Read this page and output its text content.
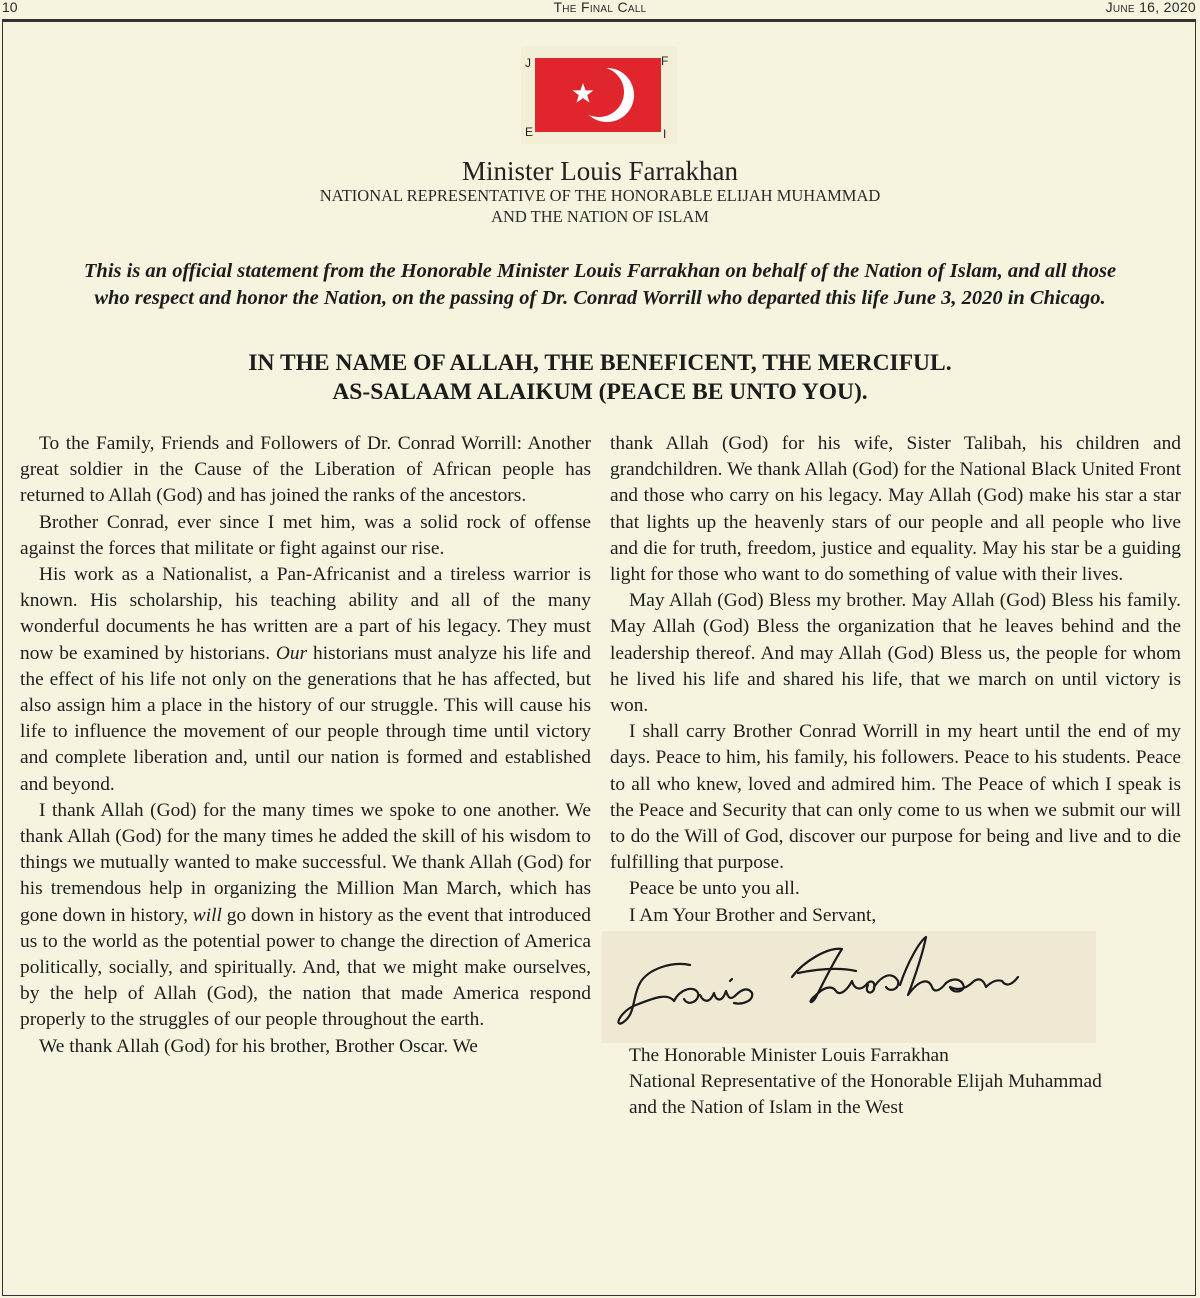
10	The Final Call	June 16, 2020
J	F
E	I
Minister Louis Farrakhan
NATIONAL REPRESENTATIVE OF THE HONORABLE ELIJAH MUHAMMAD
AND THE NATION OF ISLAM
This is an official statement from the Honorable Minister Louis Farrakhan on behalf of the Nation of Islam, and all those
who respect and honor the Nation, on the passing of Dr. Conrad Worrill who departed this life June 3, 2020 in Chicago.
IN THE NAME OF ALLAH, THE BENEFICENT, THE MERCIFUL.
AS-SALAAM ALAIKUM (PEACE BE UNTO YOU).

To the Family, Friends and Followers of Dr. Conrad Worrill: Another great soldier in the Cause of the Liberation of African people has returned to Allah (God) and has joined the ranks of the ancestors.

Brother Conrad, ever since I met him, was a solid rock of offense against the forces that militate or fight against our rise.

His work as a Nationalist, a Pan-Africanist and a tireless warrior is known. His scholarship, his teaching ability and all of the many wonderful documents he has written are a part of his legacy. They must now be examined by historians. Our historians must analyze his life and the effect of his life not only on the generations that he has affected, but also assign him a place in the history of our struggle. This will cause his life to influence the movement of our people through time until victory and complete liberation and, until our nation is formed and established and beyond.

I thank Allah (God) for the many times we spoke to one another. We thank Allah (God) for the many times he added the skill of his wisdom to things we mutually wanted to make successful. We thank Allah (God) for his tremendous help in organizing the Million Man March, which has gone down in history, will go down in history as the event that introduced us to the world as the potential power to change the direction of America politically, socially, and spiritually. And, that we might make ourselves, by the help of Allah (God), the nation that made America respond properly to the struggles of our people throughout the earth.

We thank Allah (God) for his brother, Brother Oscar. We

thank Allah (God) for his wife, Sister Talibah, his children and grandchildren. We thank Allah (God) for the National Black United Front and those who carry on his legacy. May Allah (God) make his star a star that lights up the heavenly stars of our people and all people who live and die for truth, freedom, justice and equality. May his star be a guiding light for those who want to do something of value with their lives.

May Allah (God) Bless my brother. May Allah (God) Bless his family. May Allah (God) Bless the organization that he leaves behind and the leadership thereof. And may Allah (God) Bless us, the people for whom he lived his life and shared his life, that we march on until victory is won.

I shall carry Brother Conrad Worrill in my heart until the end of my days. Peace to him, his family, his followers. Peace to his students. Peace to all who knew, loved and admired him. The Peace of which I speak is the Peace and Security that can only come to us when we submit our will to do the Will of God, discover our purpose for being and live and to die fulfilling that purpose.

Peace be unto you all.

I Am Your Brother and Servant,

Louis Farrakhan
The Honorable Minister Louis Farrakhan
National Representative of the Honorable Elijah Muhammad
and the Nation of Islam in the West
